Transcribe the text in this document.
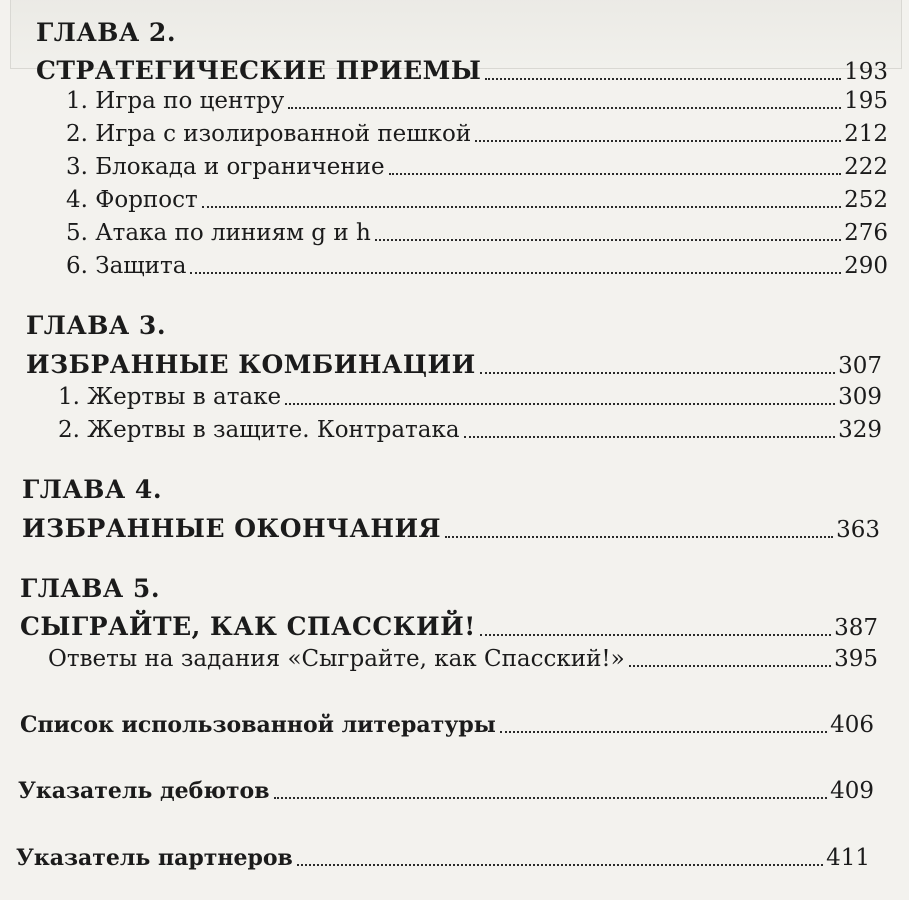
ГЛАВА 2.
СТРАТЕГИЧЕСКИЕ ПРИЕМЫ	193
1. Игра по центру	195
2. Игра с изолированной пешкой	212
3. Блокада и ограничение	222
4. Форпост	252
5. Атака по линиям g и h	276
6. Защита	290
ГЛАВА 3.
ИЗБРАННЫЕ КОМБИНАЦИИ	307
1. Жертвы в атаке	309
2. Жертвы в защите. Контратака	329
ГЛАВА 4.
ИЗБРАННЫЕ ОКОНЧАНИЯ	363
ГЛАВА 5.
СЫГРАЙТЕ, КАК СПАССКИЙ!	387
Ответы на задания «Сыграйте, как Спасский!»	395
Список использованной литературы	406
Указатель дебютов	409
Указатель партнеров	411
